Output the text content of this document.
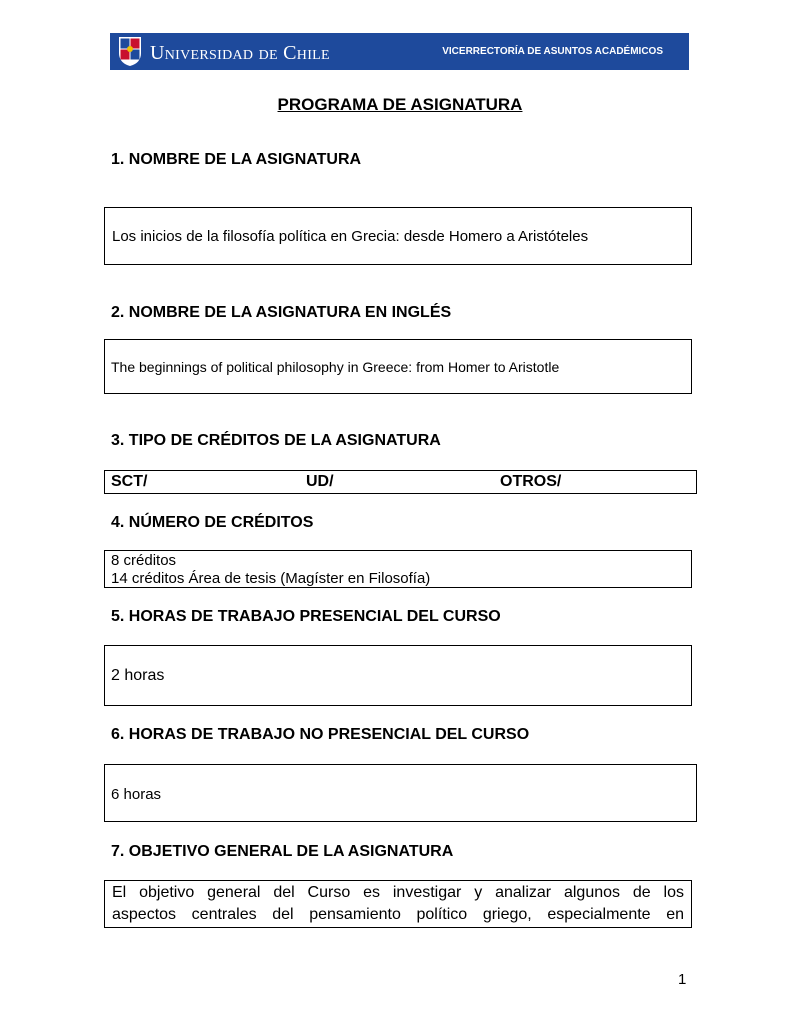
Universidad de Chile	VICERRECTORÍA DE ASUNTOS ACADÉMICOS
PROGRAMA DE ASIGNATURA
1. NOMBRE DE LA ASIGNATURA
Los inicios de la filosofía política en Grecia: desde Homero a Aristóteles
2. NOMBRE DE LA ASIGNATURA EN INGLÉS
The beginnings of political philosophy in Greece: from Homer to Aristotle
3. TIPO DE CRÉDITOS DE LA ASIGNATURA
SCT/	UD/	OTROS/
4. NÚMERO DE CRÉDITOS
8 créditos
14 créditos Área de tesis (Magíster en Filosofía)
5. HORAS DE TRABAJO PRESENCIAL DEL CURSO
2 horas
6. HORAS DE TRABAJO NO PRESENCIAL DEL CURSO
6 horas
7. OBJETIVO GENERAL DE LA ASIGNATURA
El objetivo general del Curso es investigar y analizar algunos de los
aspectos centrales del pensamiento político griego, especialmente en
1
